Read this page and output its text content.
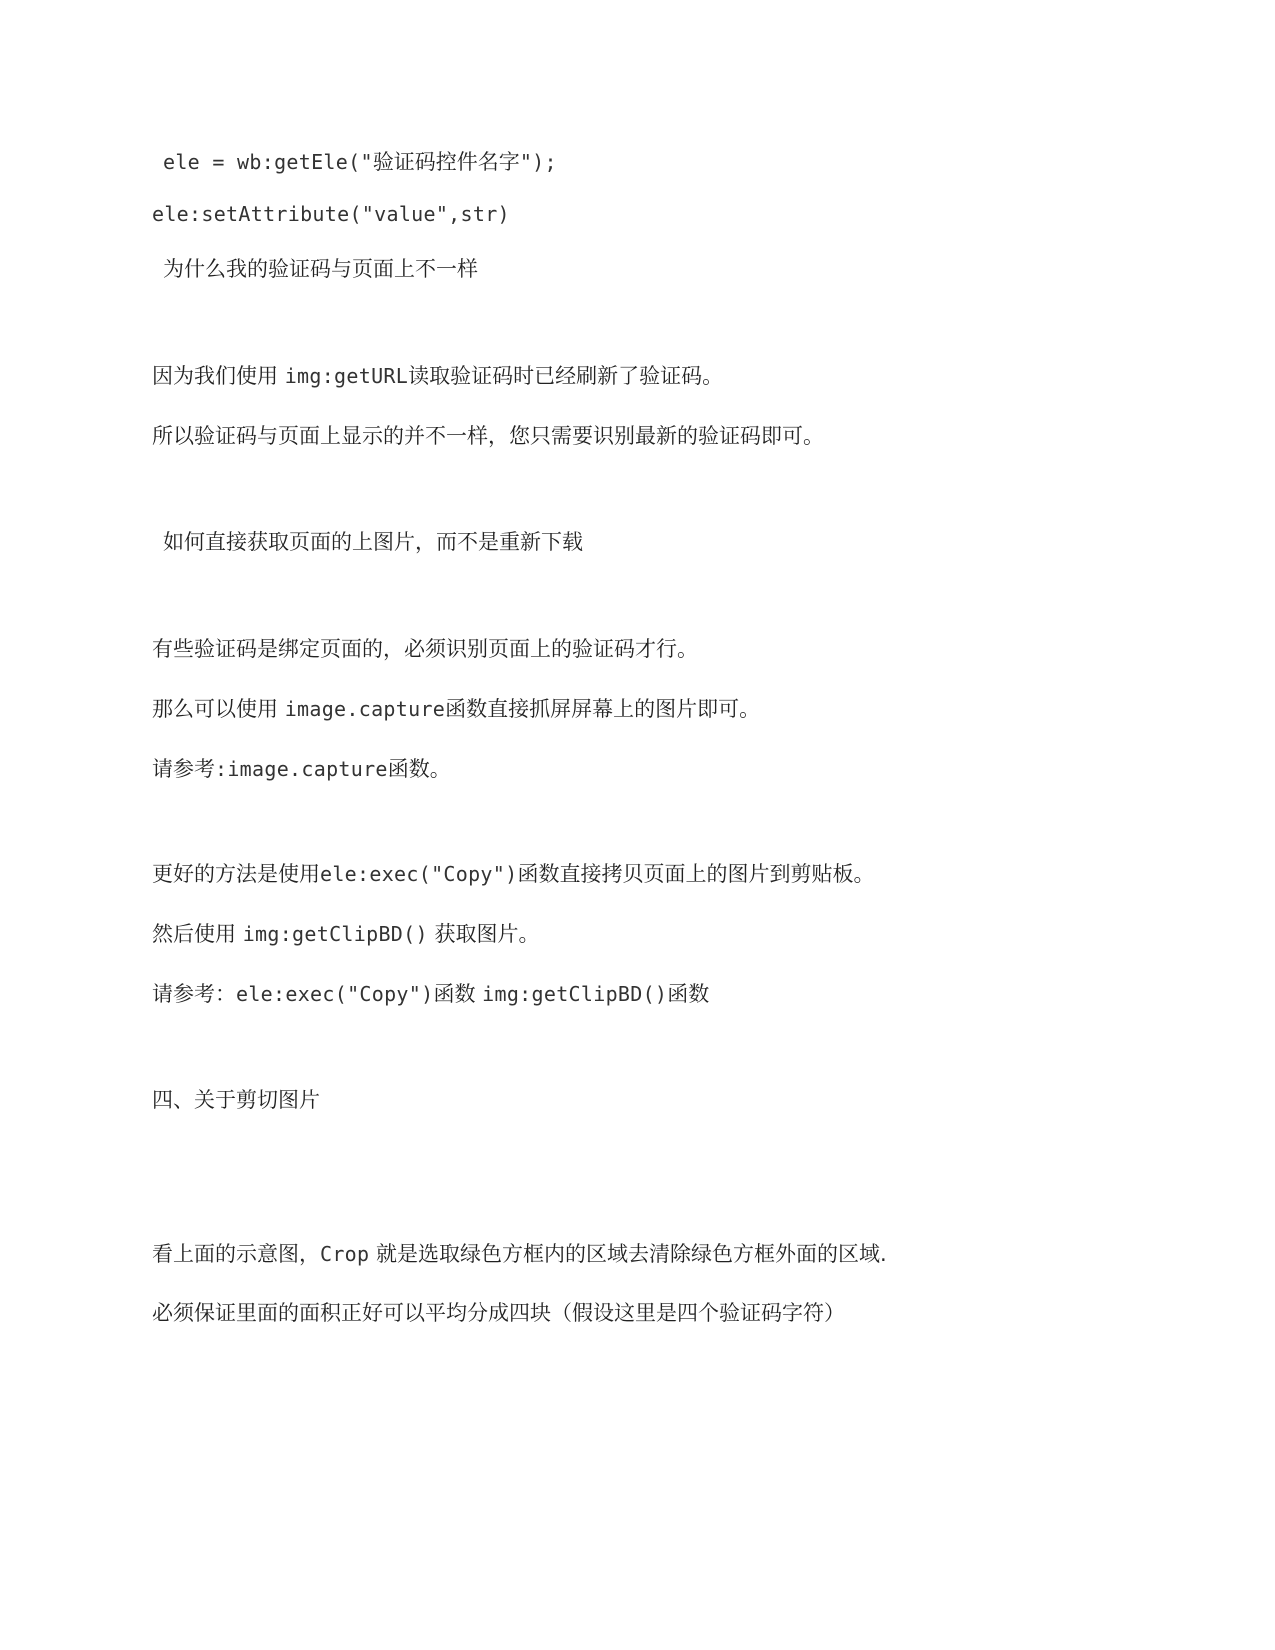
ele = wb:getEle("验证码控件名字");
ele:setAttribute("value",str)
为什么我的验证码与页面上不一样
因为我们使用 img:getURL读取验证码时已经刷新了验证码。
所以验证码与页面上显示的并不一样，您只需要识别最新的验证码即可。
如何直接获取页面的上图片，而不是重新下载
有些验证码是绑定页面的，必须识别页面上的验证码才行。
那么可以使用 image.capture函数直接抓屏屏幕上的图片即可。
请参考:image.capture函数。
更好的方法是使用ele:exec("Copy")函数直接拷贝页面上的图片到剪贴板。
然后使用 img:getClipBD() 获取图片。
请参考：ele:exec("Copy")函数 img:getClipBD()函数
四、关于剪切图片
看上面的示意图，Crop 就是选取绿色方框内的区域去清除绿色方框外面的区域.
必须保证里面的面积正好可以平均分成四块（假设这里是四个验证码字符）
